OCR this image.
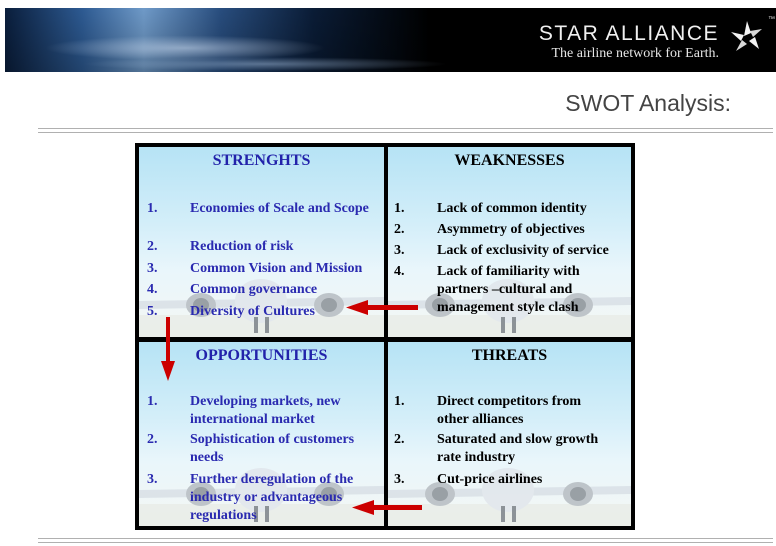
STAR ALLIANCE
The airline network for Earth.
™
SWOT Analysis:
STRENGHTS
1. Economies of Scale and Scope
2. Reduction of risk
3. Common Vision and Mission
4. Common governance
5. Diversity of Cultures
WEAKNESSES
1. Lack of common identity
2. Asymmetry of objectives
3. Lack of exclusivity of service
4. Lack of familiarity with partners –cultural and management style clash
OPPORTUNITIES
1. Developing markets, new international market
2. Sophistication of customers needs
3. Further deregulation of the industry or advantageous regulations
THREATS
1. Direct competitors from other alliances
2. Saturated and slow growth rate industry
3. Cut-price airlines
